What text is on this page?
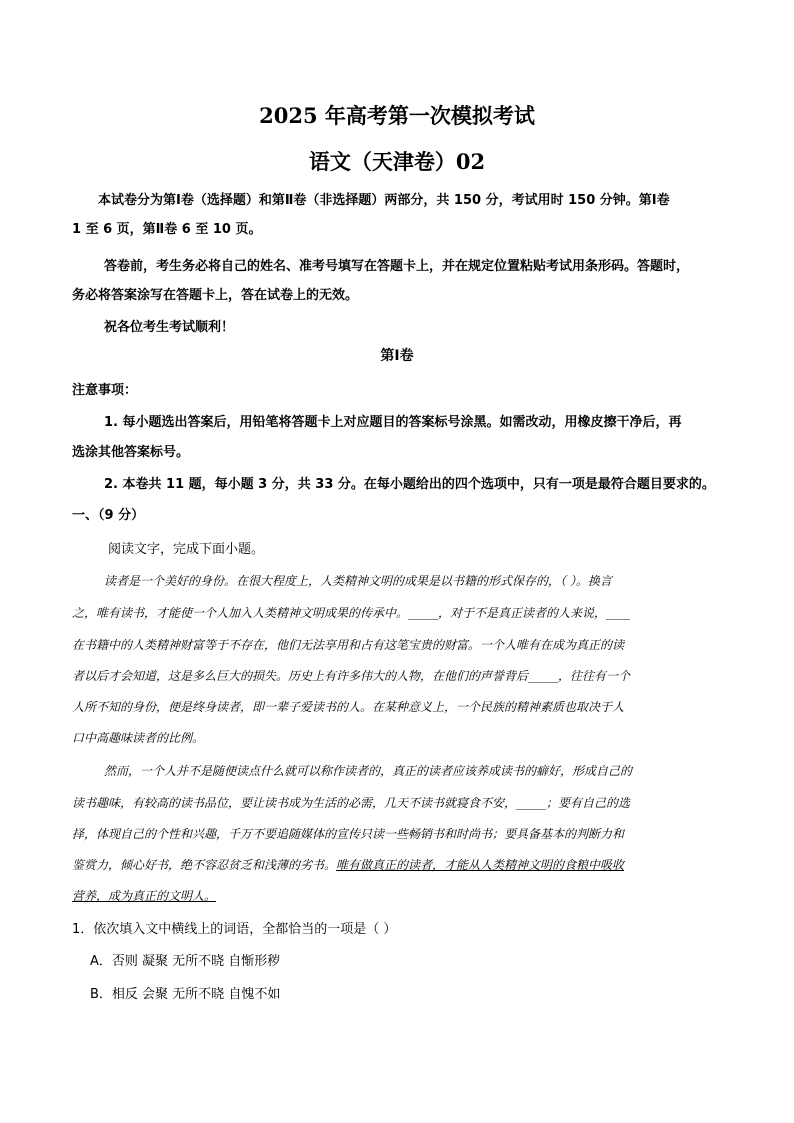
2025 年高考第一次模拟考试
语文（天津卷）02
本试卷分为第Ⅰ卷（选择题）和第Ⅱ卷（非选择题）两部分，共 150 分，考试用时 150 分钟。第Ⅰ卷
1 至 6 页，第Ⅱ卷 6 至 10 页。
答卷前，考生务必将自己的姓名、准考号填写在答题卡上，并在规定位置粘贴考试用条形码。答题时，
务必将答案涂写在答题卡上，答在试卷上的无效。
祝各位考生考试顺利！
第Ⅰ卷
注意事项：
1. 每小题选出答案后，用铅笔将答题卡上对应题目的答案标号涂黑。如需改动，用橡皮擦干净后，再
选涂其他答案标号。
2. 本卷共 11 题，每小题 3 分，共 33 分。在每小题给出的四个选项中，只有一项是最符合题目要求的。
一、（9 分）
阅读文字，完成下面小题。
读者是一个美好的身份。在很大程度上，人类精神文明的成果是以书籍的形式保存的，（ ）。换言
之，唯有读书，才能使一个人加入人类精神文明成果的传承中。_____，对于不是真正读者的人来说，____
在书籍中的人类精神财富等于不存在，他们无法享用和占有这笔宝贵的财富。一个人唯有在成为真正的读
者以后才会知道，这是多么巨大的损失。历史上有许多伟大的人物，在他们的声誉背后_____，往往有一个
人所不知的身份，便是终身读者，即一辈子爱读书的人。在某种意义上，一个民族的精神素质也取决于人
口中高趣味读者的比例。
然而，一个人并不是随便读点什么就可以称作读者的，真正的读者应该养成读书的癖好，形成自己的
读书趣味，有较高的读书品位，要让读书成为生活的必需，几天不读书就寝食不安，_____；要有自己的选
择，体现自己的个性和兴趣，千万不要追随媒体的宣传只读一些畅销书和时尚书；要具备基本的判断力和
鉴赏力，倾心好书，绝不容忍贫乏和浅薄的劣书。唯有做真正的读者，才能从人类精神文明的食粮中吸收
营养，成为真正的文明人。
1．依次填入文中横线上的词语，全都恰当的一项是（ ）
A．否则 凝聚 无所不晓 自惭形秽
B．相反 会聚 无所不晓 自愧不如
